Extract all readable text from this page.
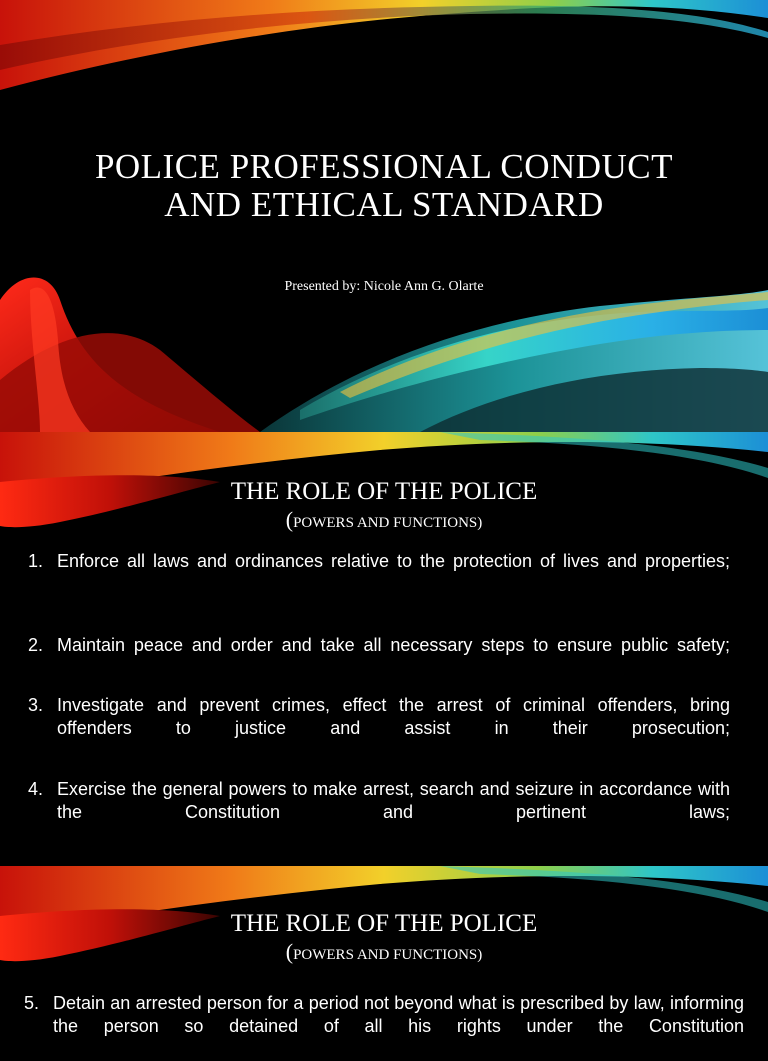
POLICE PROFESSIONAL CONDUCT
AND ETHICAL STANDARD
Presented by: Nicole Ann G. Olarte
THE ROLE OF THE POLICE
(POWERS AND FUNCTIONS)
1. Enforce all laws and ordinances relative to the protection of lives and properties;
2. Maintain peace and order and take all necessary steps to ensure public safety;
3. Investigate and prevent crimes, effect the arrest of criminal offenders, bring offenders to justice and assist in their prosecution;
4. Exercise the general powers to make arrest, search and seizure in accordance with the Constitution and pertinent laws;
THE ROLE OF THE POLICE
(POWERS AND FUNCTIONS)
5. Detain an arrested person for a period not beyond what is prescribed by law, informing the person so detained of all his rights under the Constitution
